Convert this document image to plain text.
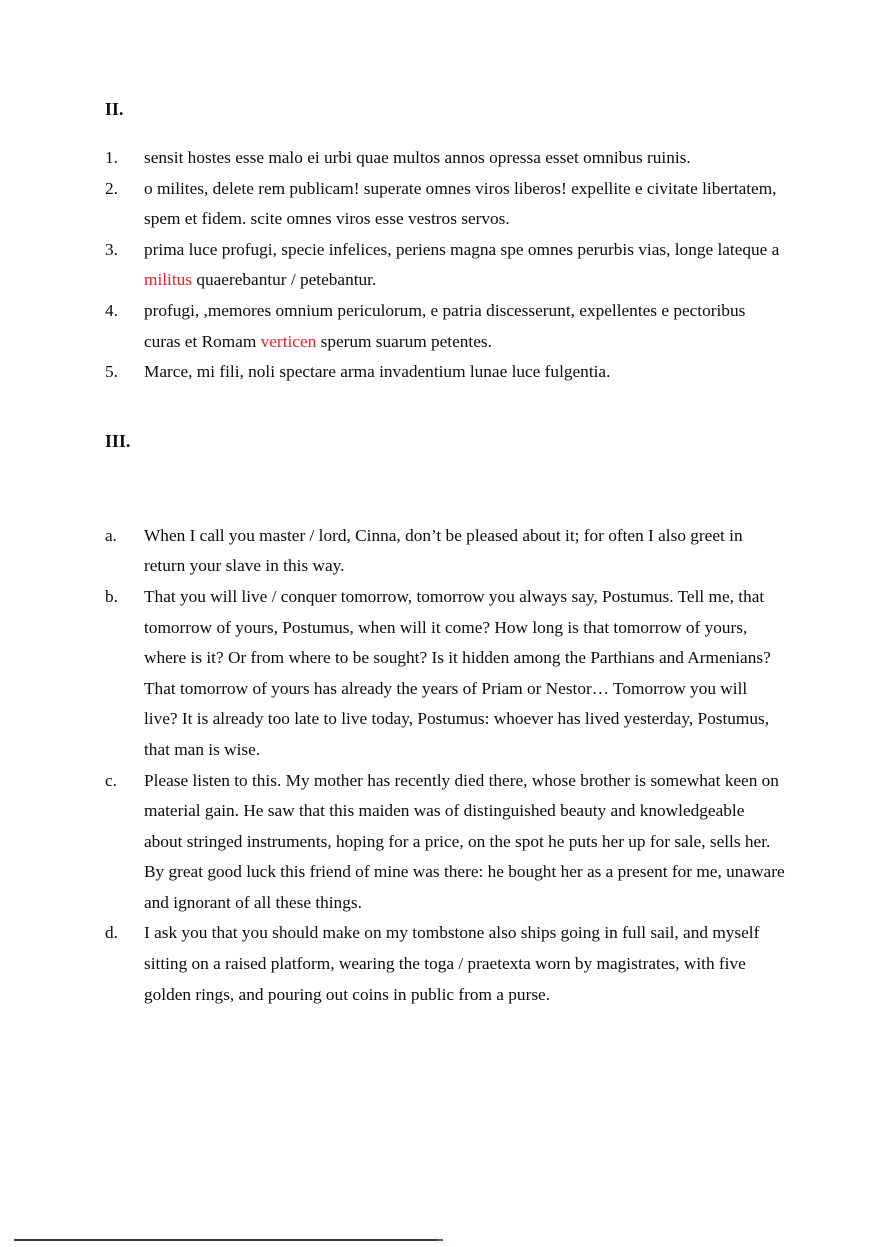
II.
1.	sensit hostes esse malo ei urbi quae multos annos opressa esset omnibus ruinis.
2.	o milites, delete rem publicam! superate omnes viros liberos! expellite e civitate libertatem, spem et fidem. scite omnes viros esse vestros servos.
3.	prima luce profugi, specie infelices, periens magna spe omnes perurbis vias, longe lateque a militus quaerebantur / petebantur.
4.	profugi, ,memores omnium periculorum, e patria discesserunt, expellentes e pectoribus curas et Romam verticen sperum suarum petentes.
5.	Marce, mi fili, noli spectare arma invadentium lunae luce fulgentia.
III.
a.	When I call you master / lord, Cinna, don’t be pleased about it; for often I also greet in return your slave in this way.
b.	That you will live / conquer tomorrow, tomorrow you always say, Postumus. Tell me, that tomorrow of yours, Postumus, when will it come? How long is that tomorrow of yours, where is it? Or from where to be sought? Is it hidden among the Parthians and Armenians? That tomorrow of yours has already the years of Priam or Nestor… Tomorrow you will live? It is already too late to live today, Postumus: whoever has lived yesterday, Postumus, that man is wise.
c.	Please listen to this. My mother has recently died there, whose brother is somewhat keen on material gain. He saw that this maiden was of distinguished beauty and knowledgeable about stringed instruments, hoping for a price, on the spot he puts her up for sale, sells her. By great good luck this friend of mine was there: he bought her as a present for me, unaware and ignorant of all these things.
d.	I ask you that you should make on my tombstone also ships going in full sail, and myself sitting on a raised platform, wearing the toga / praetexta worn by magistrates, with five golden rings, and pouring out coins in public from a purse.
